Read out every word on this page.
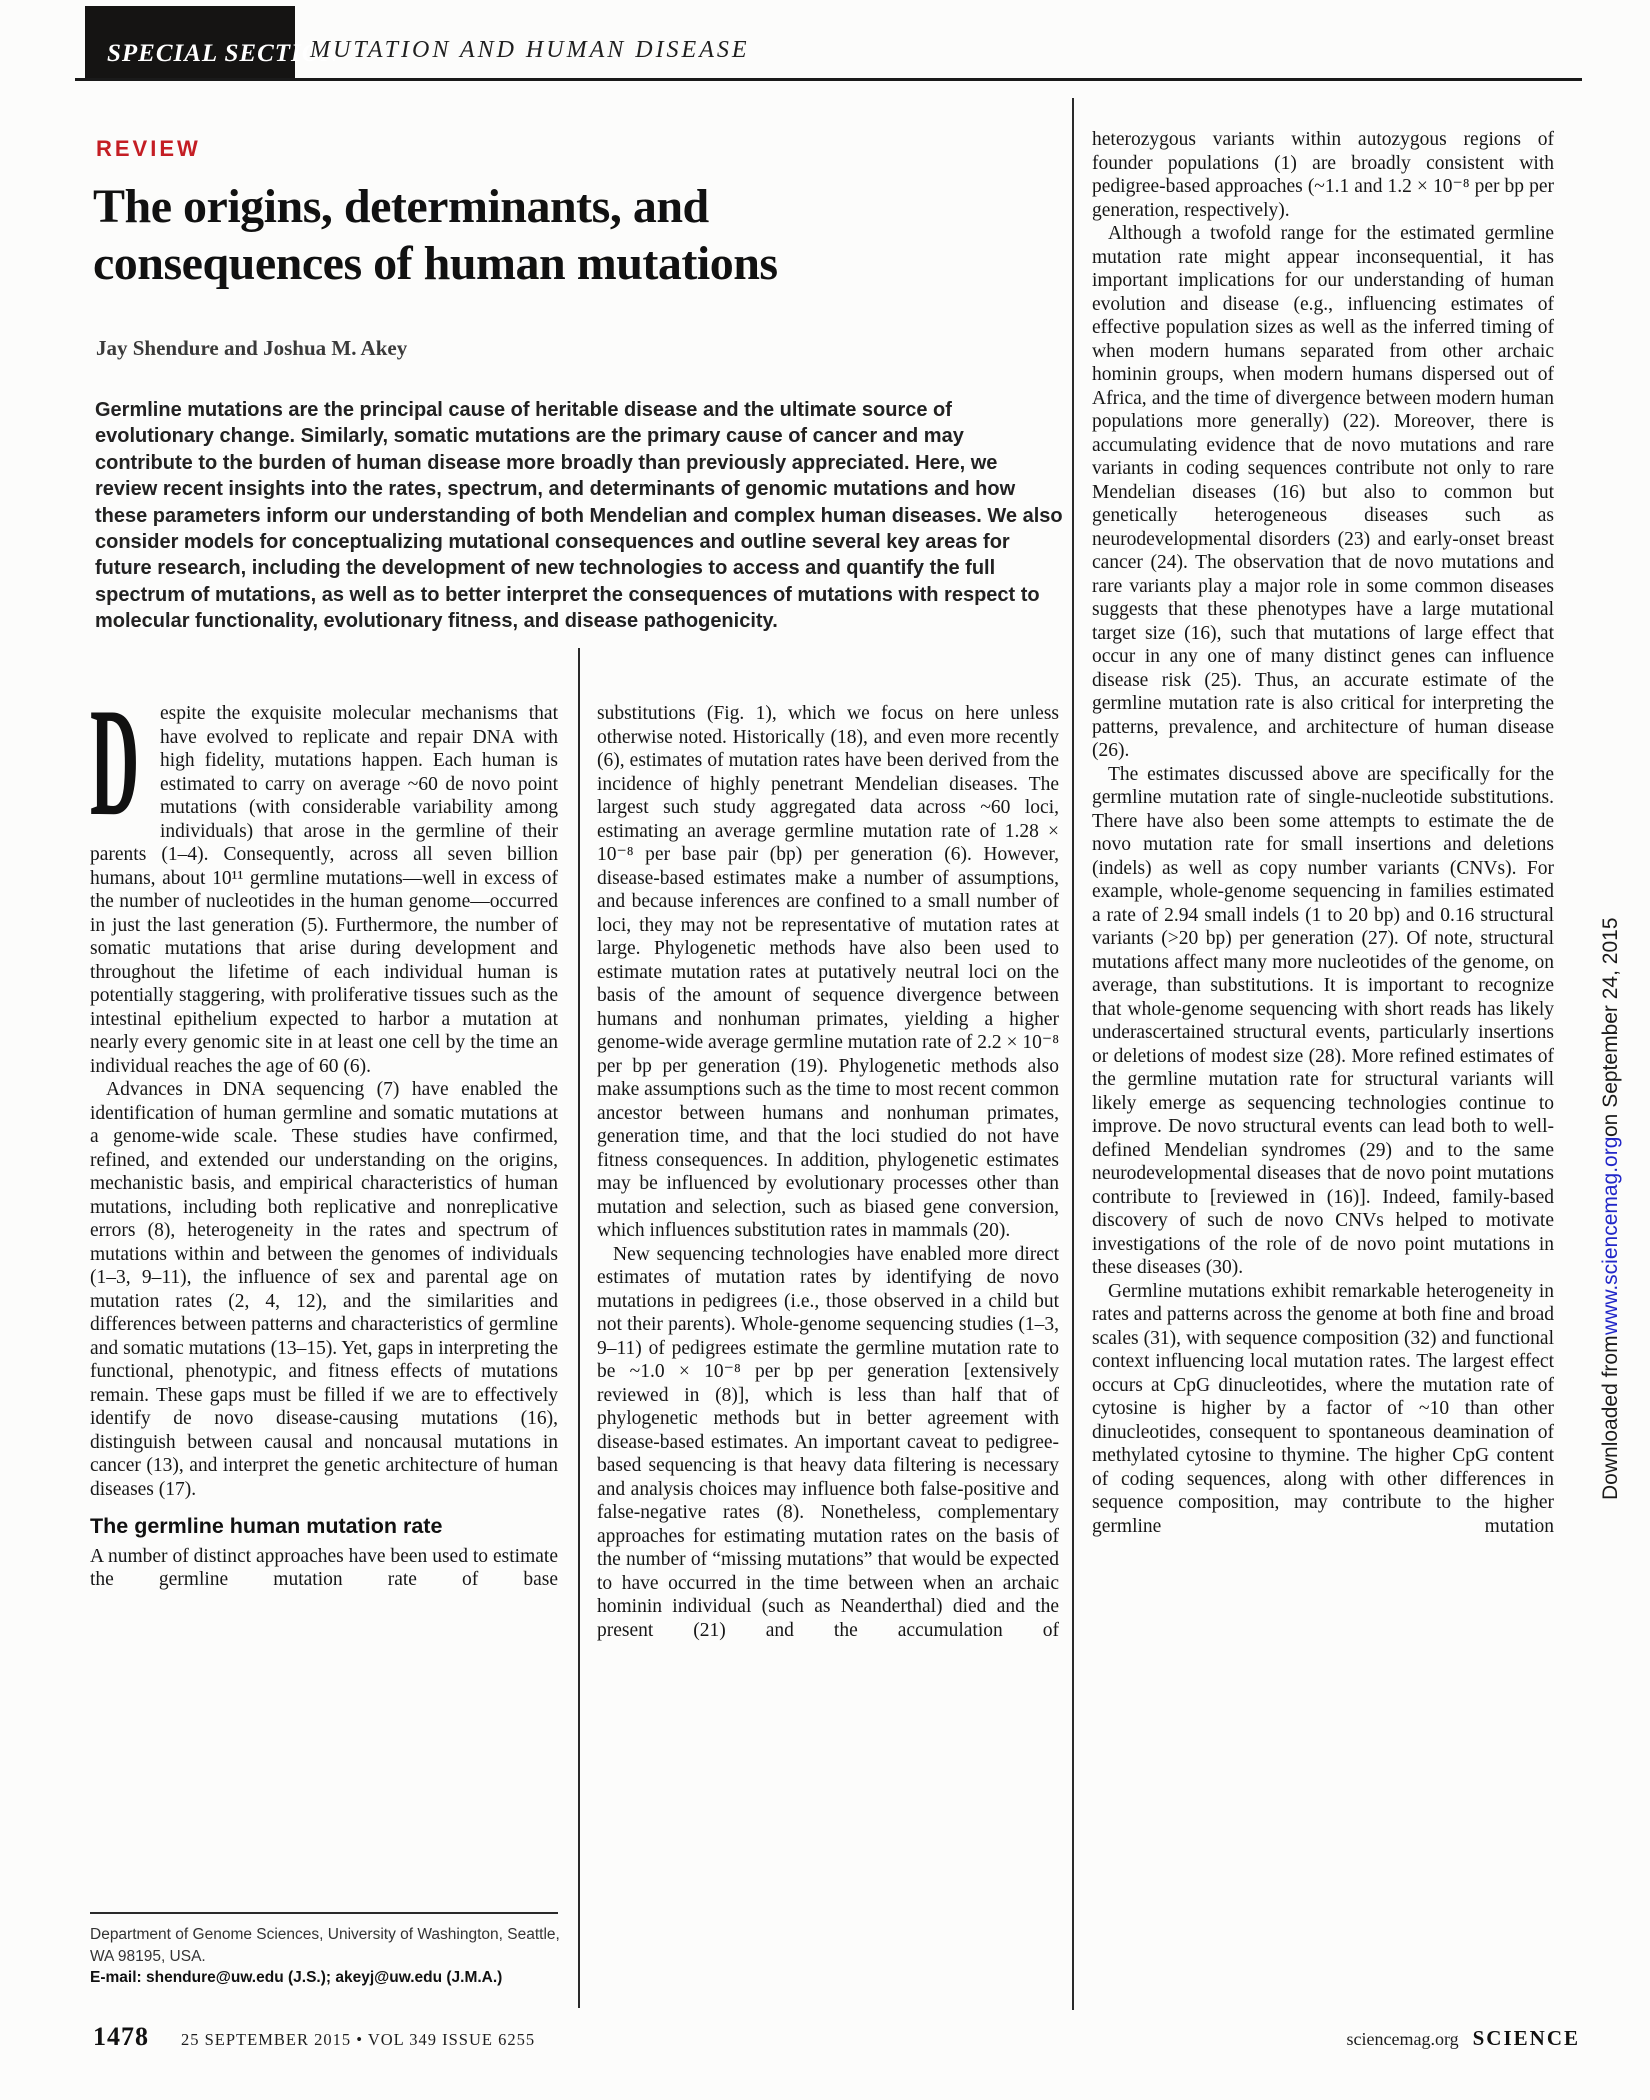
SPECIAL SECTION
MUTATION AND HUMAN DISEASE
REVIEW
The origins, determinants, and consequences of human mutations
Jay Shendure and Joshua M. Akey
Germline mutations are the principal cause of heritable disease and the ultimate source of evolutionary change. Similarly, somatic mutations are the primary cause of cancer and may contribute to the burden of human disease more broadly than previously appreciated. Here, we review recent insights into the rates, spectrum, and determinants of genomic mutations and how these parameters inform our understanding of both Mendelian and complex human diseases. We also consider models for conceptualizing mutational consequences and outline several key areas for future research, including the development of new technologies to access and quantify the full spectrum of mutations, as well as to better interpret the consequences of mutations with respect to molecular functionality, evolutionary fitness, and disease pathogenicity.

D espite the exquisite molecular mechanisms that have evolved to replicate and repair DNA with high fidelity, mutations happen. Each human is estimated to carry on average ~60 de novo point mutations (with considerable variability among individuals) that arose in the germline of their parents (1–4). Consequently, across all seven billion humans, about 10¹¹ germline mutations—well in excess of the number of nucleotides in the human genome—occurred in just the last generation (5). Furthermore, the number of somatic mutations that arise during development and throughout the lifetime of each individual human is potentially staggering, with proliferative tissues such as the intestinal epithelium expected to harbor a mutation at nearly every genomic site in at least one cell by the time an individual reaches the age of 60 (6).

Advances in DNA sequencing (7) have enabled the identification of human germline and somatic mutations at a genome-wide scale. These studies have confirmed, refined, and extended our understanding on the origins, mechanistic basis, and empirical characteristics of human mutations, including both replicative and nonreplicative errors (8), heterogeneity in the rates and spectrum of mutations within and between the genomes of individuals (1–3, 9–11), the influence of sex and parental age on mutation rates (2, 4, 12), and the similarities and differences between patterns and characteristics of germline and somatic mutations (13–15). Yet, gaps in interpreting the functional, phenotypic, and fitness effects of mutations remain. These gaps must be filled if we are to effectively identify de novo disease-causing mutations (16), distinguish between causal and noncausal mutations in cancer (13), and interpret the genetic architecture of human diseases (17).

The germline human mutation rate

A number of distinct approaches have been used to estimate the germline mutation rate of base

substitutions (Fig. 1), which we focus on here unless otherwise noted. Historically (18), and even more recently (6), estimates of mutation rates have been derived from the incidence of highly penetrant Mendelian diseases. The largest such study aggregated data across ~60 loci, estimating an average germline mutation rate of 1.28 × 10⁻⁸ per base pair (bp) per generation (6). However, disease-based estimates make a number of assumptions, and because inferences are confined to a small number of loci, they may not be representative of mutation rates at large. Phylogenetic methods have also been used to estimate mutation rates at putatively neutral loci on the basis of the amount of sequence divergence between humans and nonhuman primates, yielding a higher genome-wide average germline mutation rate of 2.2 × 10⁻⁸ per bp per generation (19). Phylogenetic methods also make assumptions such as the time to most recent common ancestor between humans and nonhuman primates, generation time, and that the loci studied do not have fitness consequences. In addition, phylogenetic estimates may be influenced by evolutionary processes other than mutation and selection, such as biased gene conversion, which influences substitution rates in mammals (20).

New sequencing technologies have enabled more direct estimates of mutation rates by identifying de novo mutations in pedigrees (i.e., those observed in a child but not their parents). Whole-genome sequencing studies (1–3, 9–11) of pedigrees estimate the germline mutation rate to be ~1.0 × 10⁻⁸ per bp per generation [extensively reviewed in (8)], which is less than half that of phylogenetic methods but in better agreement with disease-based estimates. An important caveat to pedigree-based sequencing is that heavy data filtering is necessary and analysis choices may influence both false-positive and false-negative rates (8). Nonetheless, complementary approaches for estimating mutation rates on the basis of the number of “missing mutations” that would be expected to have occurred in the time between when an archaic hominin individual (such as Neanderthal) died and the present (21) and the accumulation of

heterozygous variants within autozygous regions of founder populations (1) are broadly consistent with pedigree-based approaches (~1.1 and 1.2 × 10⁻⁸ per bp per generation, respectively).

Although a twofold range for the estimated germline mutation rate might appear inconsequential, it has important implications for our understanding of human evolution and disease (e.g., influencing estimates of effective population sizes as well as the inferred timing of when modern humans separated from other archaic hominin groups, when modern humans dispersed out of Africa, and the time of divergence between modern human populations more generally) (22). Moreover, there is accumulating evidence that de novo mutations and rare variants in coding sequences contribute not only to rare Mendelian diseases (16) but also to common but genetically heterogeneous diseases such as neurodevelopmental disorders (23) and early-onset breast cancer (24). The observation that de novo mutations and rare variants play a major role in some common diseases suggests that these phenotypes have a large mutational target size (16), such that mutations of large effect that occur in any one of many distinct genes can influence disease risk (25). Thus, an accurate estimate of the germline mutation rate is also critical for interpreting the patterns, prevalence, and architecture of human disease (26).

The estimates discussed above are specifically for the germline mutation rate of single-nucleotide substitutions. There have also been some attempts to estimate the de novo mutation rate for small insertions and deletions (indels) as well as copy number variants (CNVs). For example, whole-genome sequencing in families estimated a rate of 2.94 small indels (1 to 20 bp) and 0.16 structural variants (>20 bp) per generation (27). Of note, structural mutations affect many more nucleotides of the genome, on average, than substitutions. It is important to recognize that whole-genome sequencing with short reads has likely underascertained structural events, particularly insertions or deletions of modest size (28). More refined estimates of the germline mutation rate for structural variants will likely emerge as sequencing technologies continue to improve. De novo structural events can lead both to well-defined Mendelian syndromes (29) and to the same neurodevelopmental diseases that de novo point mutations contribute to [reviewed in (16)]. Indeed, family-based discovery of such de novo CNVs helped to motivate investigations of the role of de novo point mutations in these diseases (30).

Germline mutations exhibit remarkable heterogeneity in rates and patterns across the genome at both fine and broad scales (31), with sequence composition (32) and functional context influencing local mutation rates. The largest effect occurs at CpG dinucleotides, where the mutation rate of cytosine is higher by a factor of ~10 than other dinucleotides, consequent to spontaneous deamination of methylated cytosine to thymine. The higher CpG content of coding sequences, along with other differences in sequence composition, may contribute to the higher germline mutation

Department of Genome Sciences, University of Washington, Seattle, WA 98195, USA.
E-mail: shendure@uw.edu (J.S.); akeyj@uw.edu (J.M.A.)
1478 25 SEPTEMBER 2015 • VOL 349 ISSUE 6255	sciencemag.org SCIENCE
Downloaded from
www.sciencemag.org
on September 24, 2015
